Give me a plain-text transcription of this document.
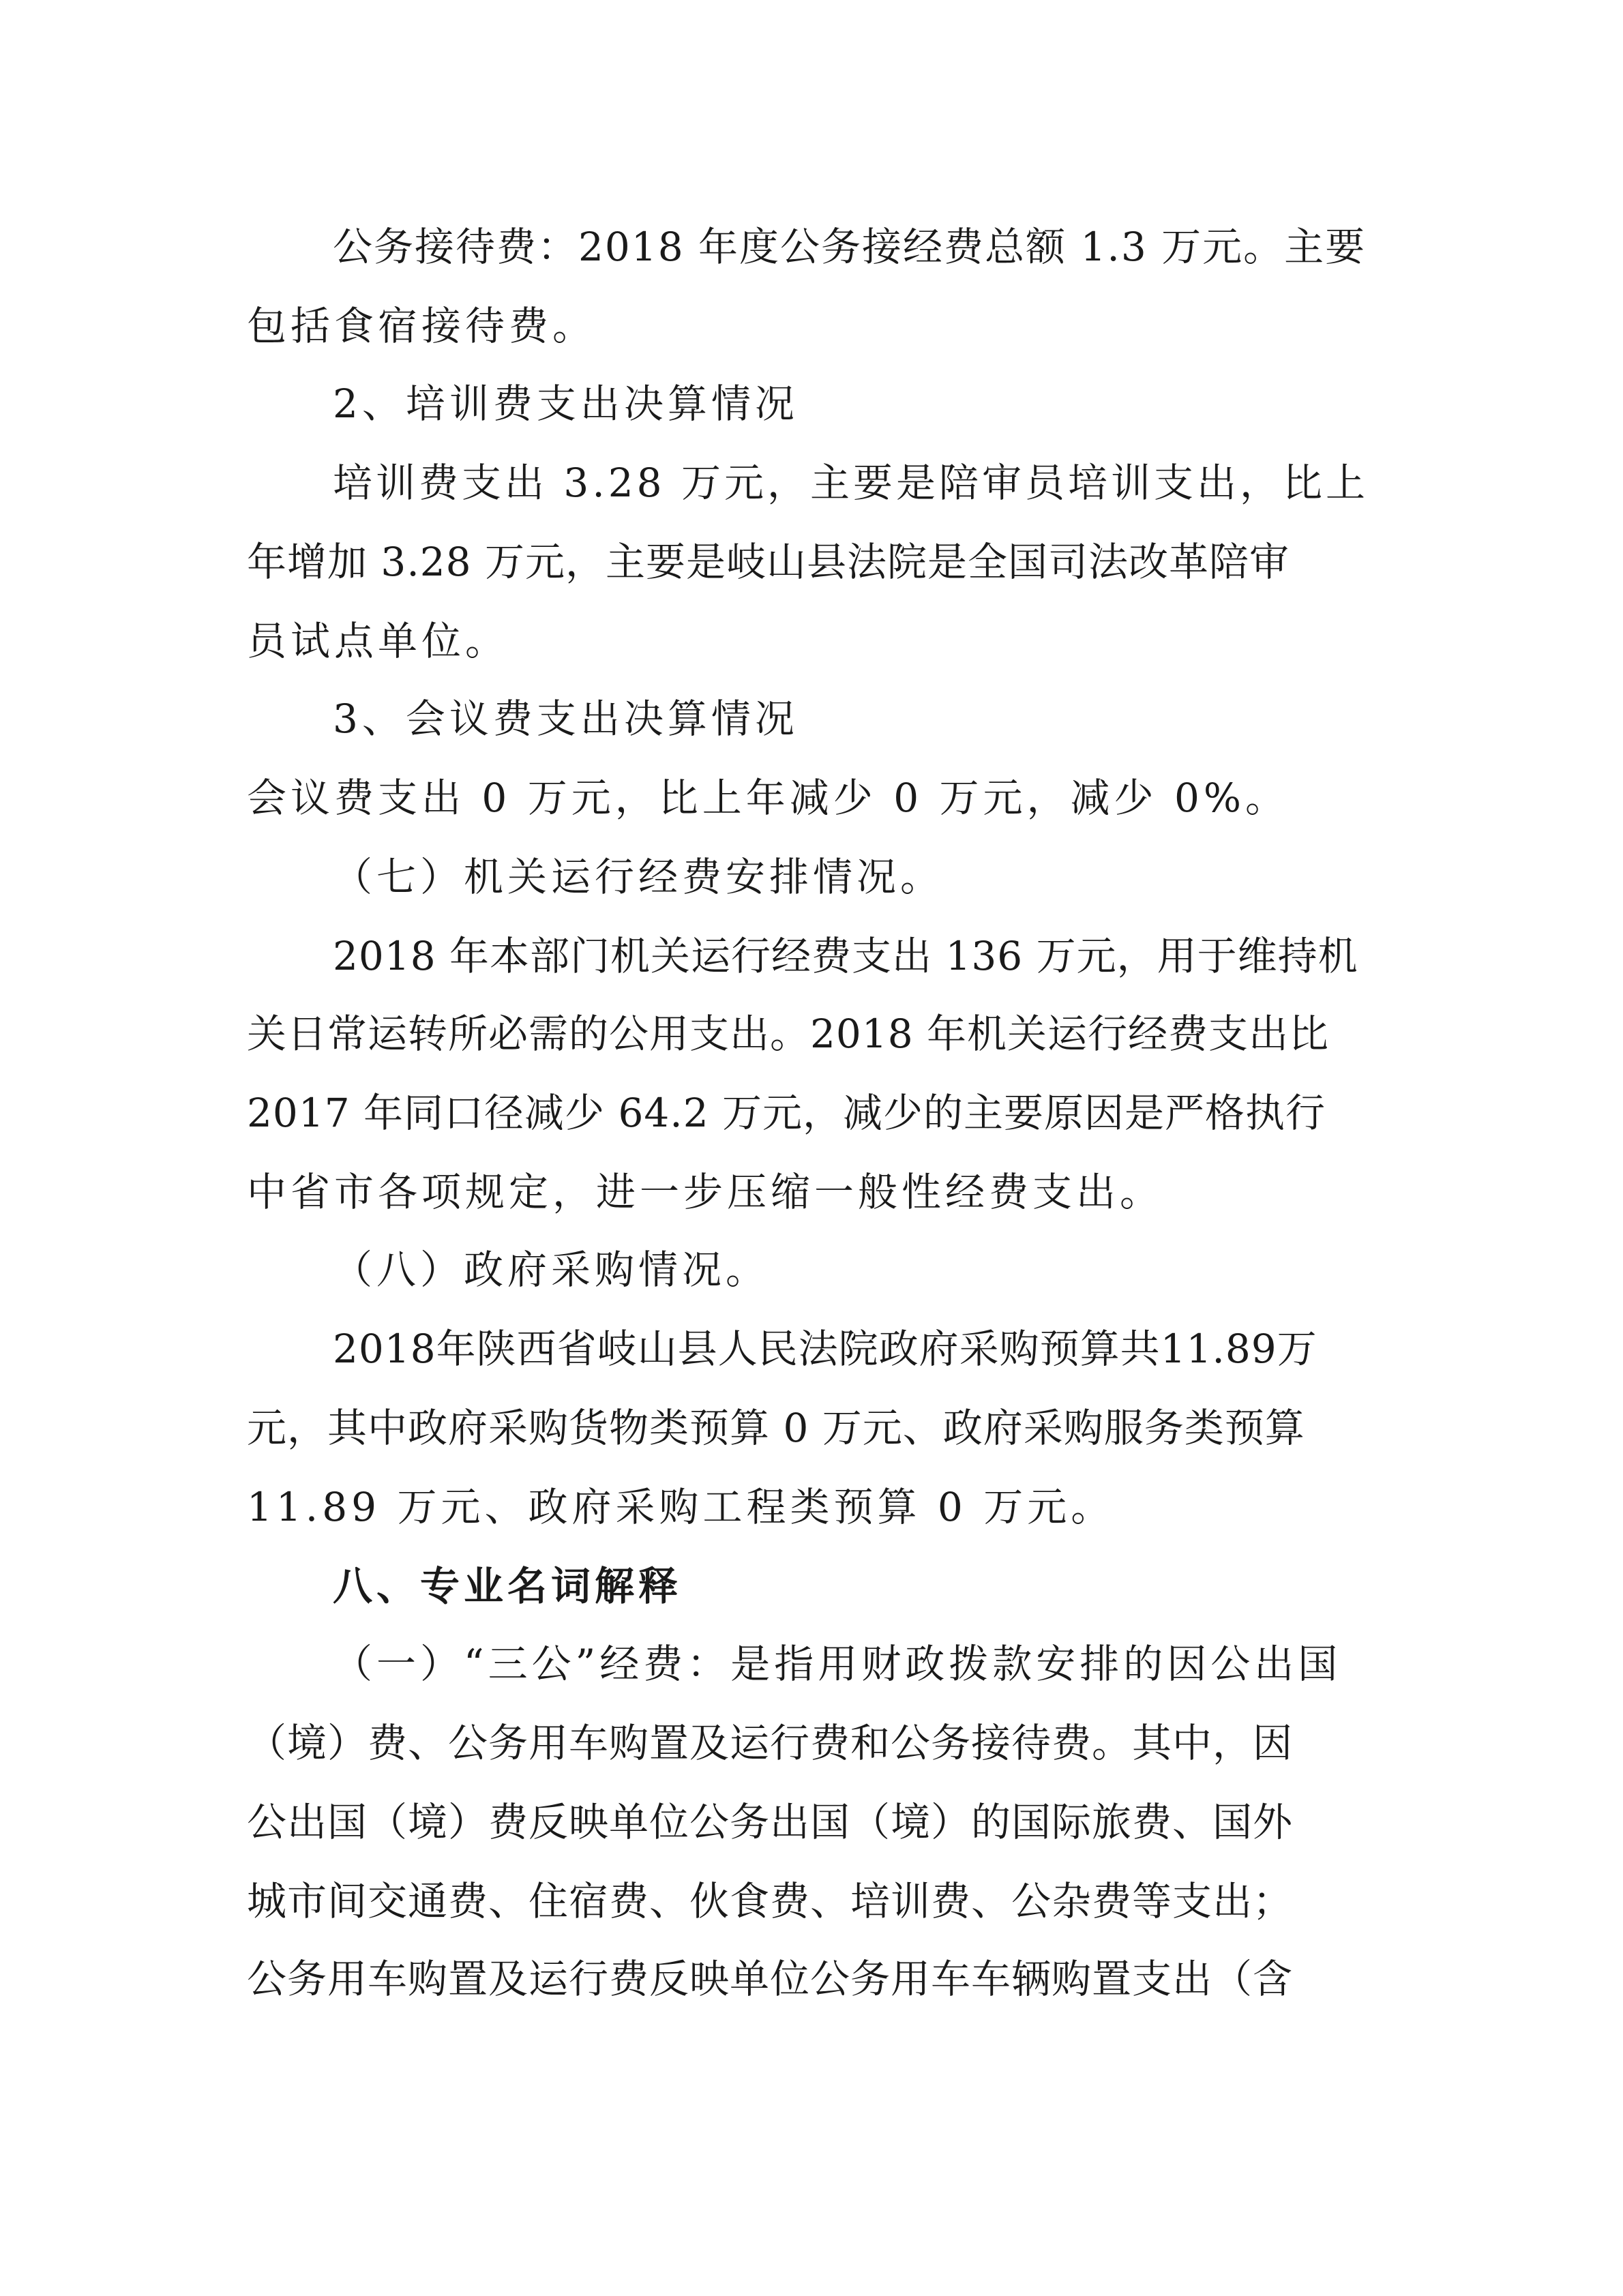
公务接待费：2018 年度公务接经费总额 1.3 万元。主要
包括食宿接待费。
2、培训费支出决算情况
培训费支出 3.28 万元，主要是陪审员培训支出，比上
年增加 3.28 万元，主要是岐山县法院是全国司法改革陪审
员试点单位。
3、会议费支出决算情况
会议费支出 0 万元，比上年减少 0 万元，减少 0%。
（七）机关运行经费安排情况。
2018 年本部门机关运行经费支出 136 万元，用于维持机
关日常运转所必需的公用支出。2018 年机关运行经费支出比
2017 年同口径减少 64.2 万元，减少的主要原因是严格执行
中省市各项规定，进一步压缩一般性经费支出。
（八）政府采购情况。
2018年陕西省岐山县人民法院政府采购预算共11.89万
元，其中政府采购货物类预算 0 万元、政府采购服务类预算
11.89 万元、政府采购工程类预算 0 万元。
八、专业名词解释
（一）“三公”经费：是指用财政拨款安排的因公出国
（境）费、公务用车购置及运行费和公务接待费。其中，因
公出国（境）费反映单位公务出国（境）的国际旅费、国外
城市间交通费、住宿费、伙食费、培训费、公杂费等支出；
公务用车购置及运行费反映单位公务用车车辆购置支出（含
